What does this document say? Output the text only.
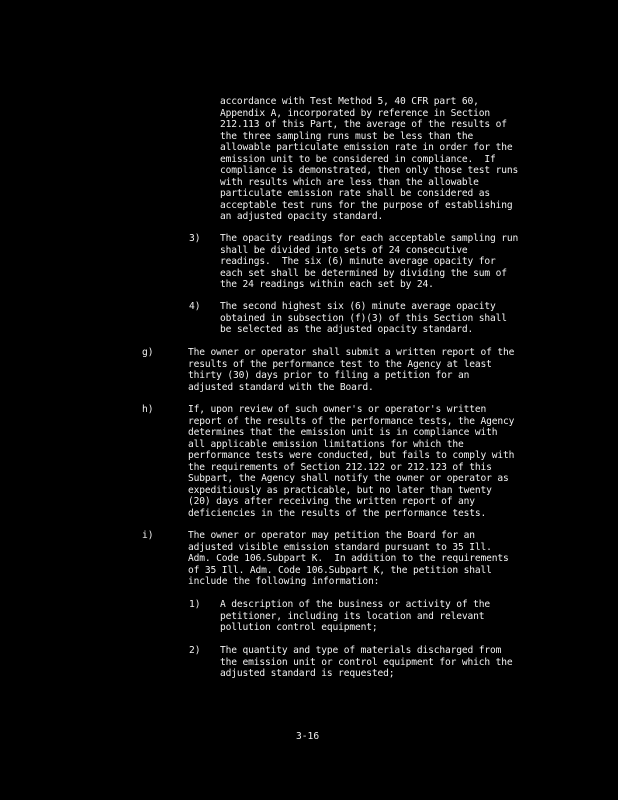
accordance with Test Method 5, 40 CFR part 60,
Appendix A, incorporated by reference in Section
212.113 of this Part, the average of the results of
the three sampling runs must be less than the
allowable particulate emission rate in order for the
emission unit to be considered in compliance.  If
compliance is demonstrated, then only those test runs
with results which are less than the allowable
particulate emission rate shall be considered as
acceptable test runs for the purpose of establishing
an adjusted opacity standard.

3) The opacity readings for each acceptable sampling run
shall be divided into sets of 24 consecutive
readings.  The six (6) minute average opacity for
each set shall be determined by dividing the sum of
the 24 readings within each set by 24.

4) The second highest six (6) minute average opacity
obtained in subsection (f)(3) of this Section shall
be selected as the adjusted opacity standard.

g)	The owner or operator shall submit a written report of the
results of the performance test to the Agency at least
thirty (30) days prior to filing a petition for an
adjusted standard with the Board.

h)	If, upon review of such owner's or operator's written
report of the results of the performance tests, the Agency
determines that the emission unit is in compliance with
all applicable emission limitations for which the
performance tests were conducted, but fails to comply with
the requirements of Section 212.122 or 212.123 of this
Subpart, the Agency shall notify the owner or operator as
expeditiously as practicable, but no later than twenty
(20) days after receiving the written report of any
deficiencies in the results of the performance tests.

i)	The owner or operator may petition the Board for an
adjusted visible emission standard pursuant to 35 Ill.
Adm. Code 106.Subpart K.  In addition to the requirements
of 35 Ill. Adm. Code 106.Subpart K, the petition shall
include the following information:

1) A description of the business or activity of the
petitioner, including its location and relevant
pollution control equipment;

2) The quantity and type of materials discharged from
the emission unit or control equipment for which the
adjusted standard is requested;

3-16
